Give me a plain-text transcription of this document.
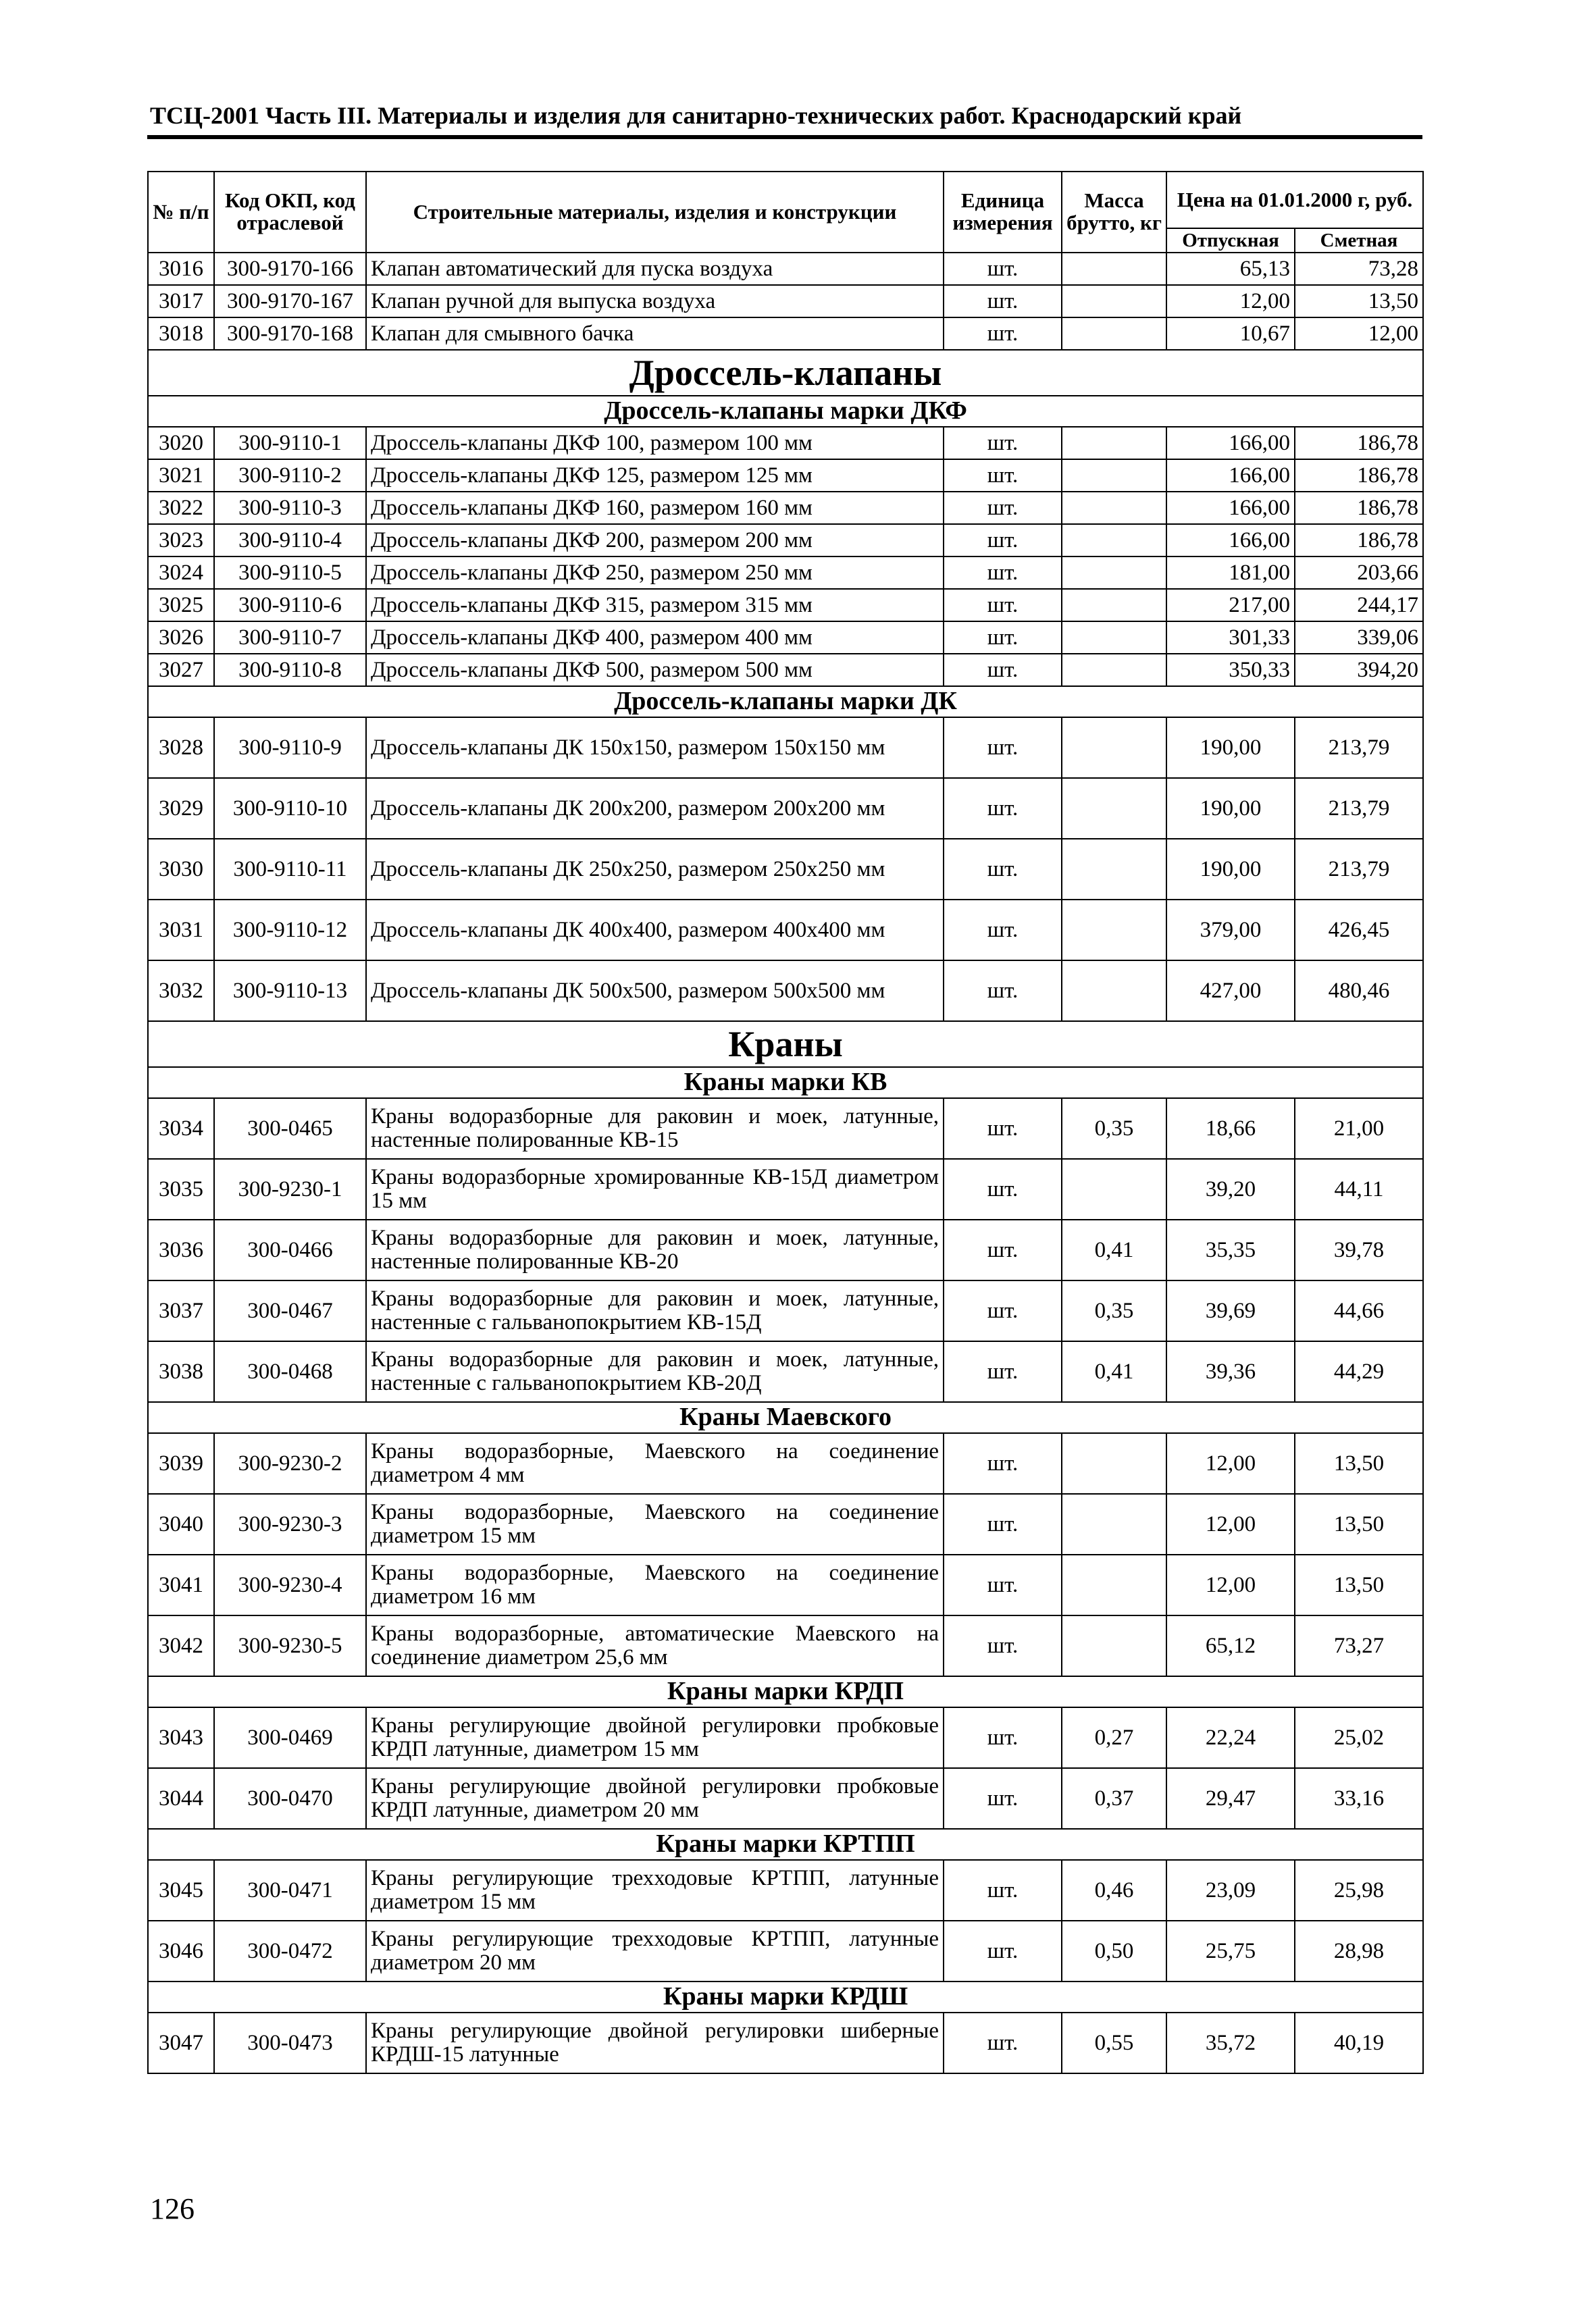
ТСЦ-2001 Часть III. Материалы и изделия для санитарно-технических работ. Краснодарский край
№ п/п	Код ОКП, код отраслевой	Строительные материалы, изделия и конструкции	Единица измерения	Масса брутто, кг	Цена на 01.01.2000 г, руб.	
					Отпускная	Сметная
3016	300-9170-166	Клапан автоматический для пуска воздуха	шт.		65,13	73,28
3017	300-9170-167	Клапан ручной для выпуска воздуха	шт.		12,00	13,50
3018	300-9170-168	Клапан для смывного бачка	шт.		10,67	12,00
Дроссель-клапаны						
Дроссель-клапаны марки ДКФ						
3020	300-9110-1	Дроссель-клапаны ДКФ 100, размером 100 мм	шт.		166,00	186,78
3021	300-9110-2	Дроссель-клапаны ДКФ 125, размером 125 мм	шт.		166,00	186,78
3022	300-9110-3	Дроссель-клапаны ДКФ 160, размером 160 мм	шт.		166,00	186,78
3023	300-9110-4	Дроссель-клапаны ДКФ 200, размером 200 мм	шт.		166,00	186,78
3024	300-9110-5	Дроссель-клапаны ДКФ 250, размером 250 мм	шт.		181,00	203,66
3025	300-9110-6	Дроссель-клапаны ДКФ 315, размером 315 мм	шт.		217,00	244,17
3026	300-9110-7	Дроссель-клапаны ДКФ 400, размером 400 мм	шт.		301,33	339,06
3027	300-9110-8	Дроссель-клапаны ДКФ 500, размером 500 мм	шт.		350,33	394,20
Дроссель-клапаны марки ДК						
3028	300-9110-9	Дроссель-клапаны ДК 150х150, размером 150х150 мм	шт.		190,00	213,79
3029	300-9110-10	Дроссель-клапаны ДК 200х200, размером 200х200 мм	шт.		190,00	213,79
3030	300-9110-11	Дроссель-клапаны ДК 250х250, размером 250х250 мм	шт.		190,00	213,79
3031	300-9110-12	Дроссель-клапаны ДК 400х400, размером 400х400 мм	шт.		379,00	426,45
3032	300-9110-13	Дроссель-клапаны ДК 500х500, размером 500х500 мм	шт.		427,00	480,46
Краны						
Краны марки КВ						
3034	300-0465	Краны водоразборные для раковин и моек, латунные, настенные полированные КВ-15	шт.	0,35	18,66	21,00
3035	300-9230-1	Краны водоразборные хромированные КВ-15Д диаметром 15 мм	шт.		39,20	44,11
3036	300-0466	Краны водоразборные для раковин и моек, латунные, настенные полированные КВ-20	шт.	0,41	35,35	39,78
3037	300-0467	Краны водоразборные для раковин и моек, латунные, настенные с гальванопокрытием КВ-15Д	шт.	0,35	39,69	44,66
3038	300-0468	Краны водоразборные для раковин и моек, латунные, настенные с гальванопокрытием КВ-20Д	шт.	0,41	39,36	44,29
Краны Маевского						
3039	300-9230-2	Краны водоразборные, Маевского на соединение диаметром 4 мм	шт.		12,00	13,50
3040	300-9230-3	Краны водоразборные, Маевского на соединение диаметром 15 мм	шт.		12,00	13,50
3041	300-9230-4	Краны водоразборные, Маевского на соединение диаметром 16 мм	шт.		12,00	13,50
3042	300-9230-5	Краны водоразборные, автоматические Маевского на соединение диаметром 25,6 мм	шт.		65,12	73,27
Краны марки КРДП						
3043	300-0469	Краны регулирующие двойной регулировки пробковые КРДП латунные, диаметром 15 мм	шт.	0,27	22,24	25,02
3044	300-0470	Краны регулирующие двойной регулировки пробковые КРДП латунные, диаметром 20 мм	шт.	0,37	29,47	33,16
Краны марки КРТПП						
3045	300-0471	Краны регулирующие трехходовые КРТПП, латунные диаметром 15 мм	шт.	0,46	23,09	25,98
3046	300-0472	Краны регулирующие трехходовые КРТПП, латунные диаметром 20 мм	шт.	0,50	25,75	28,98
Краны марки КРДШ						
3047	300-0473	Краны регулирующие двойной регулировки шиберные КРДШ-15 латунные	шт.	0,55	35,72	40,19
126
